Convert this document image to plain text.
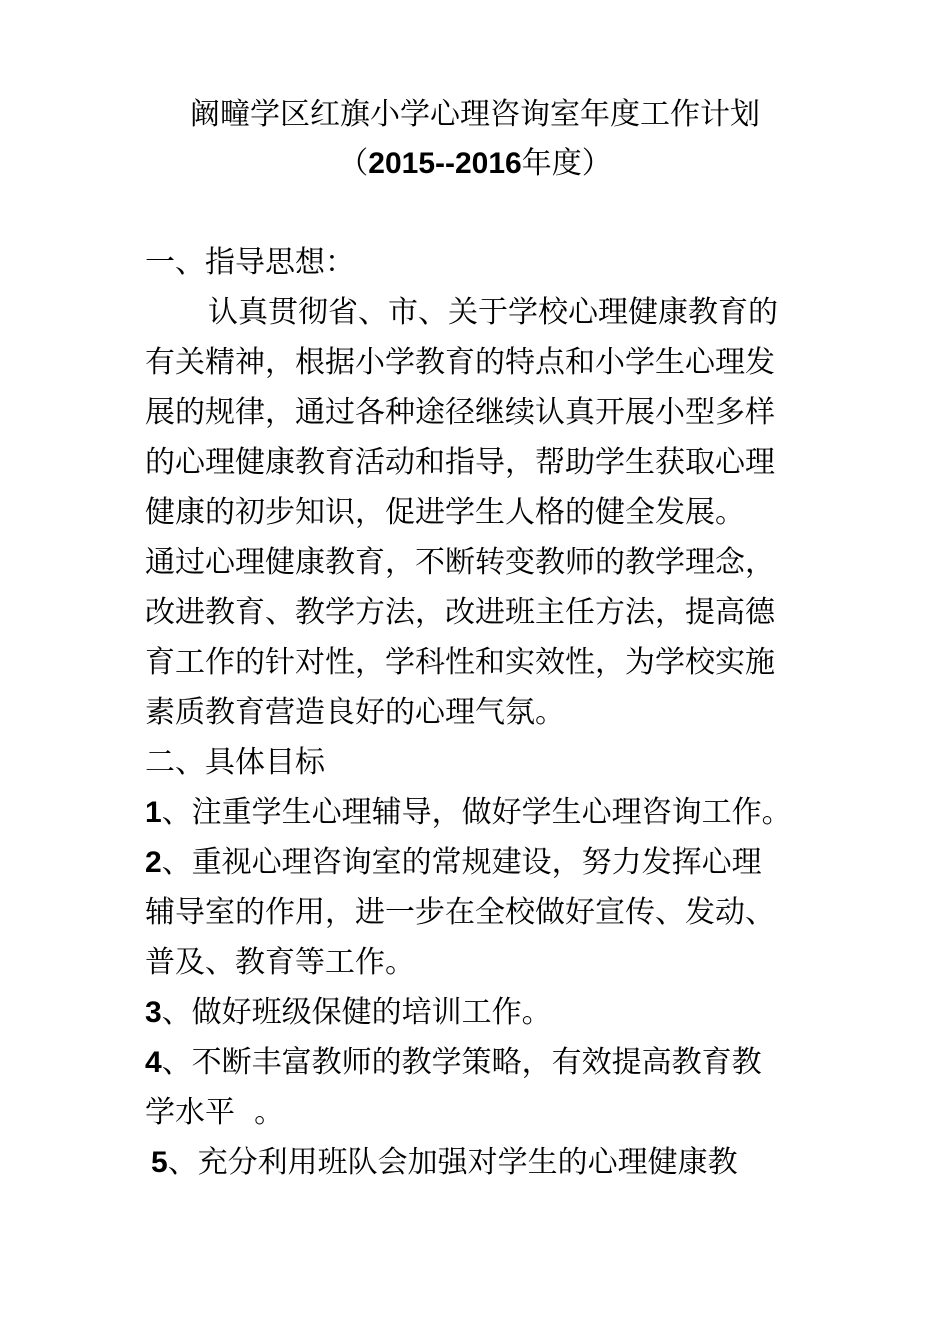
阚疃学区红旗小学心理咨询室年度工作计划
（2015--2016年度）
一、指导思想：
认真贯彻省、市、关于学校心理健康教育的
有关精神，根据小学教育的特点和小学生心理发
展的规律，通过各种途径继续认真开展小型多样
的心理健康教育活动和指导，帮助学生获取心理
健康的初步知识，促进学生人格的健全发展。
通过心理健康教育，不断转变教师的教学理念，
改进教育、教学方法，改进班主任方法，提高德
育工作的针对性，学科性和实效性，为学校实施
素质教育营造良好的心理气氛。
二、具体目标
1、注重学生心理辅导，做好学生心理咨询工作。
2、重视心理咨询室的常规建设，努力发挥心理
辅导室的作用，进一步在全校做好宣传、发动、
普及、教育等工作。
3、做好班级保健的培训工作。
4、不断丰富教师的教学策略，有效提高教育教
学水平  。
5、充分利用班队会加强对学生的心理健康教
